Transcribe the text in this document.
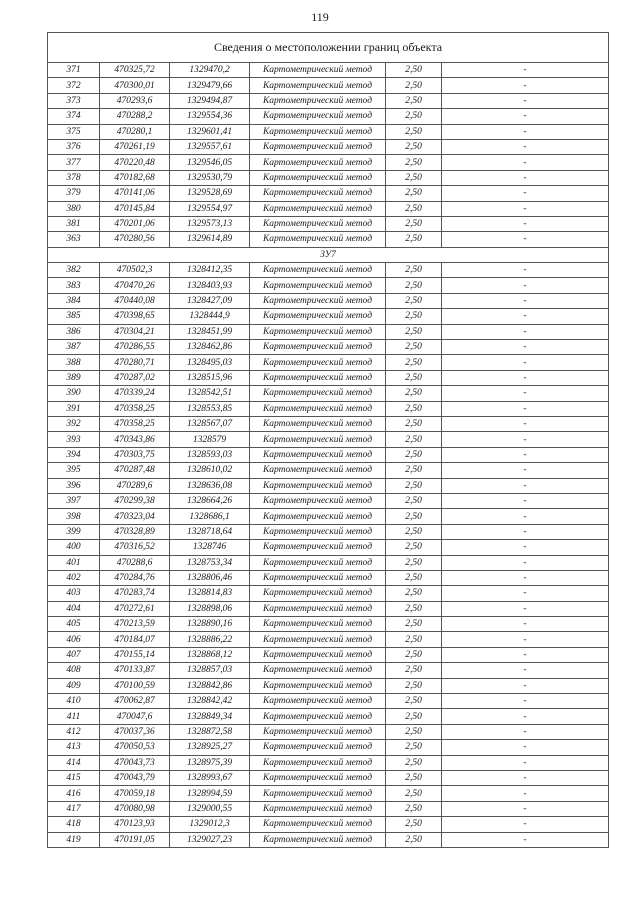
119
Сведения о местоположении границ объекта					
371	470325,72	1329470,2	Картометрический метод	2,50	-
372	470300,01	1329479,66	Картометрический метод	2,50	-
373	470293,6	1329494,87	Картометрический метод	2,50	-
374	470288,2	1329554,36	Картометрический метод	2,50	-
375	470280,1	1329601,41	Картометрический метод	2,50	-
376	470261,19	1329557,61	Картометрический метод	2,50	-
377	470220,48	1329546,05	Картометрический метод	2,50	-
378	470182,68	1329530,79	Картометрический метод	2,50	-
379	470141,06	1329528,69	Картометрический метод	2,50	-
380	470145,84	1329554,97	Картометрический метод	2,50	-
381	470201,06	1329573,13	Картометрический метод	2,50	-
363	470280,56	1329614,89	Картометрический метод	2,50	-
ЗУ7					
382	470502,3	1328412,35	Картометрический метод	2,50	-
383	470470,26	1328403,93	Картометрический метод	2,50	-
384	470440,08	1328427,09	Картометрический метод	2,50	-
385	470398,65	1328444,9	Картометрический метод	2,50	-
386	470304,21	1328451,99	Картометрический метод	2,50	-
387	470286,55	1328462,86	Картометрический метод	2,50	-
388	470280,71	1328495,03	Картометрический метод	2,50	-
389	470287,02	1328515,96	Картометрический метод	2,50	-
390	470339,24	1328542,51	Картометрический метод	2,50	-
391	470358,25	1328553,85	Картометрический метод	2,50	-
392	470358,25	1328567,07	Картометрический метод	2,50	-
393	470343,86	1328579	Картометрический метод	2,50	-
394	470303,75	1328593,03	Картометрический метод	2,50	-
395	470287,48	1328610,02	Картометрический метод	2,50	-
396	470289,6	1328636,08	Картометрический метод	2,50	-
397	470299,38	1328664,26	Картометрический метод	2,50	-
398	470323,04	1328686,1	Картометрический метод	2,50	-
399	470328,89	1328718,64	Картометрический метод	2,50	-
400	470316,52	1328746	Картометрический метод	2,50	-
401	470288,6	1328753,34	Картометрический метод	2,50	-
402	470284,76	1328806,46	Картометрический метод	2,50	-
403	470283,74	1328814,83	Картометрический метод	2,50	-
404	470272,61	1328898,06	Картометрический метод	2,50	-
405	470213,59	1328890,16	Картометрический метод	2,50	-
406	470184,07	1328886,22	Картометрический метод	2,50	-
407	470155,14	1328868,12	Картометрический метод	2,50	-
408	470133,87	1328857,03	Картометрический метод	2,50	-
409	470100,59	1328842,86	Картометрический метод	2,50	-
410	470062,87	1328842,42	Картометрический метод	2,50	-
411	470047,6	1328849,34	Картометрический метод	2,50	-
412	470037,36	1328872,58	Картометрический метод	2,50	-
413	470050,53	1328925,27	Картометрический метод	2,50	-
414	470043,73	1328975,39	Картометрический метод	2,50	-
415	470043,79	1328993,67	Картометрический метод	2,50	-
416	470059,18	1328994,59	Картометрический метод	2,50	-
417	470080,98	1329000,55	Картометрический метод	2,50	-
418	470123,93	1329012,3	Картометрический метод	2,50	-
419	470191,05	1329027,23	Картометрический метод	2,50	-
